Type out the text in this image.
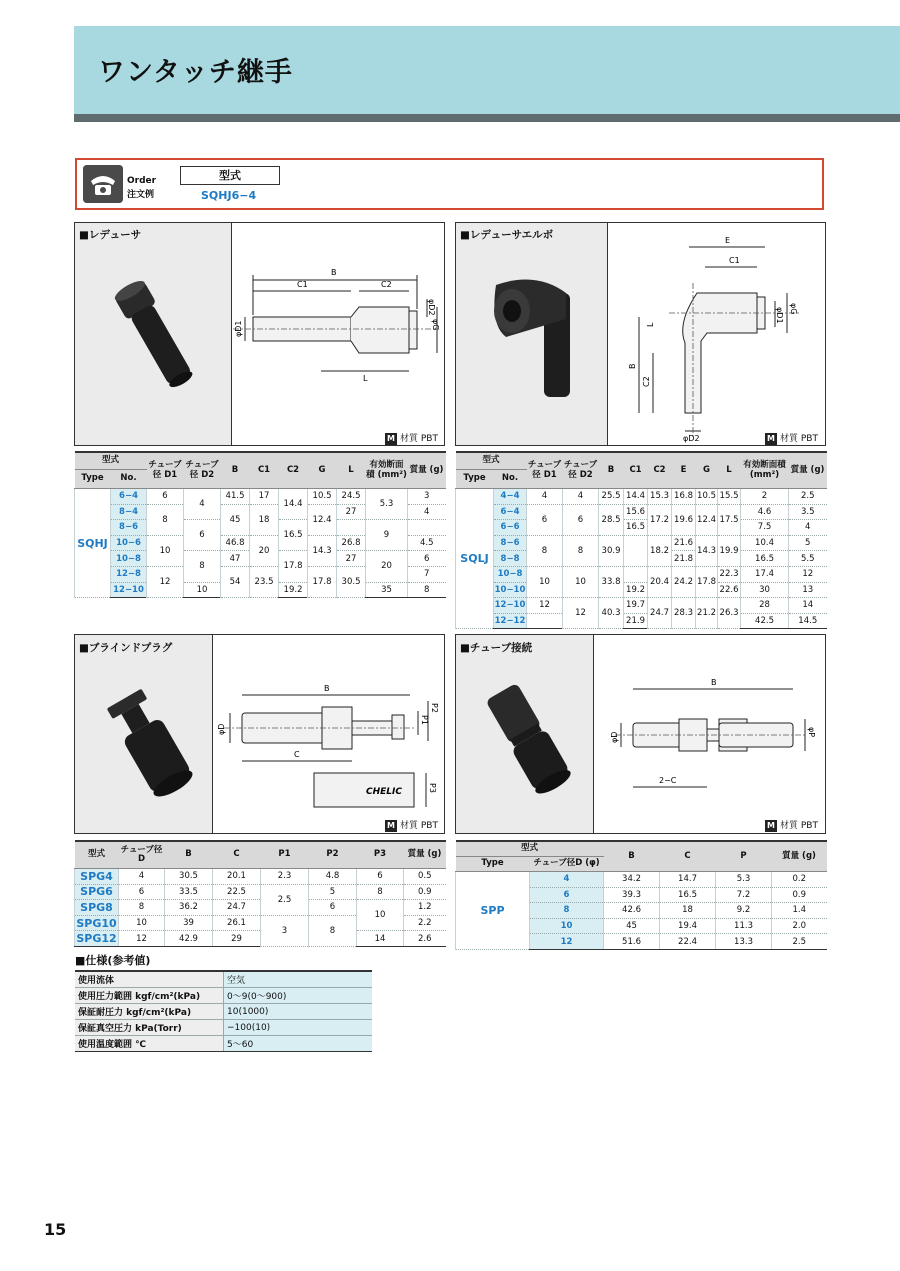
ワンタッチ継手
Order
注文例
型式
SQHJ6−4
■レデューサ
B
C1	C2
L
φD1
φD2
φG
M 材質 PBT
型式		チューブ径 D1	チューブ径 D2	B	C1	C2	G	L	有効断面積 (mm²)	質量 (g)
Type	No.									
SQHJ	6−4	6	4	41.5	17	14.4	10.5	24.5	5.3	3
	8−4	8		45	18		12.4	27		4
	8−6		6			16.5			9	
	10−6	10		46.8	20		14.3	26.8		4.5
	10−8		8	47		17.8		27	20	6
	12−8	12		54	23.5		17.8	30.5		7
	12−10		10			19.2			35	8
■レデューサエルボ	E
C1
B
C2
L
φD2
φD1 φG
M 材質 PBT
型式		チューブ径 D1	チューブ径 D2	B	C1	C2	E	G	L	有効断面積 (mm²)	質量 (g)
Type	No.										
SQLJ	4−4	4	4	25.5	14.4	15.3	16.8	10.5	15.5	2	2.5
	6−4	6	6	28.5	15.6	17.2	19.6	12.4	17.5	4.6	3.5
	6−6				16.5					7.5	4
	8−6	8	8	30.9		18.2	21.6	14.3	19.9	10.4	5
	8−8						21.8			16.5	5.5
	10−8	10	10	33.8		20.4	24.2	17.8	22.3	17.4	12
	10−10				19.2				22.6	30	13
	12−10	12	12	40.3	19.7	24.7	28.3	21.2	26.3	28	14
	12−12				21.9					42.5	14.5
■ブラインドプラグ
B
C
φD
P1
P2
P3
CHELIC
M 材質 PBT
型式	チューブ径 D	B	C	P1	P2	P3	質量 (g)
SPG4	4	30.5	20.1	2.3	4.8	6	0.5
SPG6	6	33.5	22.5	2.5	5	8	0.9
SPG8	8	36.2	24.7		6	10	1.2
SPG10	10	39	26.1	3	8		2.2
SPG12	12	42.9	29			14	2.6
■チューブ接続
B
2−C
φD	φP
M 材質 PBT
型式		B	C	P	質量 (g)
Type	チューブ径D (φ)				
SPP	4	34.2	14.7	5.3	0.2
	6	39.3	16.5	7.2	0.9
	8	42.6	18	9.2	1.4
	10	45	19.4	11.3	2.0
	12	51.6	22.4	13.3	2.5
■仕様(参考値)
使用流体	空気
使用圧力範囲 kgf/cm²(kPa)	0〜9(0〜900)
保証耐圧力 kgf/cm²(kPa)	10(1000)
保証真空圧力 kPa(Torr)	−100(10)
使用温度範囲 ℃	5〜60
15
